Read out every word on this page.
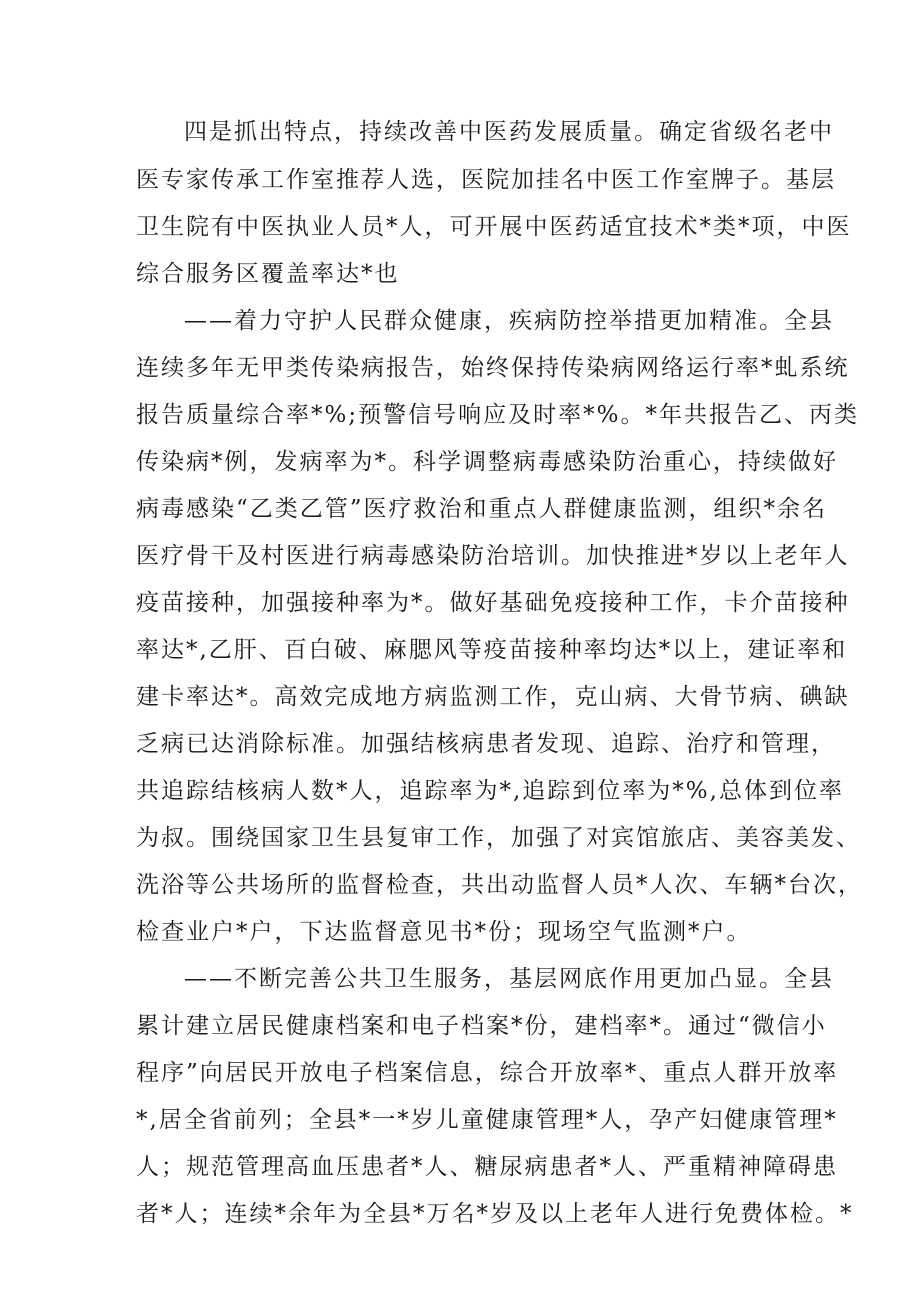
四是抓出特点，持续改善中医药发展质量。确定省级名老中
医专家传承工作室推荐人选，医院加挂名中医工作室牌子。基层
卫生院有中医执业人员*人，可开展中医药适宜技术*类*项，中医
综合服务区覆盖率达*也
——着力守护人民群众健康，疾病防控举措更加精准。全县
连续多年无甲类传染病报告，始终保持传染病网络运行率*虬系统
报告质量综合率*%;预警信号响应及时率*%。*年共报告乙、丙类
传染病*例，发病率为*。科学调整病毒感染防治重心，持续做好
病毒感染“乙类乙管”医疗救治和重点人群健康监测，组织*余名
医疗骨干及村医进行病毒感染防治培训。加快推进*岁以上老年人
疫苗接种，加强接种率为*。做好基础免疫接种工作，卡介苗接种
率达*,乙肝、百白破、麻腮风等疫苗接种率均达*以上，建证率和
建卡率达*。高效完成地方病监测工作，克山病、大骨节病、碘缺
乏病已达消除标准。加强结核病患者发现、追踪、治疗和管理，
共追踪结核病人数*人，追踪率为*,追踪到位率为*%,总体到位率
为叔。围绕国家卫生县复审工作，加强了对宾馆旅店、美容美发、
洗浴等公共场所的监督检查，共出动监督人员*人次、车辆*台次，
检查业户*户，下达监督意见书*份；现场空气监测*户。
——不断完善公共卫生服务，基层网底作用更加凸显。全县
累计建立居民健康档案和电子档案*份，建档率*。通过“微信小
程序”向居民开放电子档案信息，综合开放率*、重点人群开放率
*,居全省前列；全县*一*岁儿童健康管理*人，孕产妇健康管理*
人；规范管理高血压患者*人、糖尿病患者*人、严重精神障碍患
者*人；连续*余年为全县*万名*岁及以上老年人进行免费体检。*
